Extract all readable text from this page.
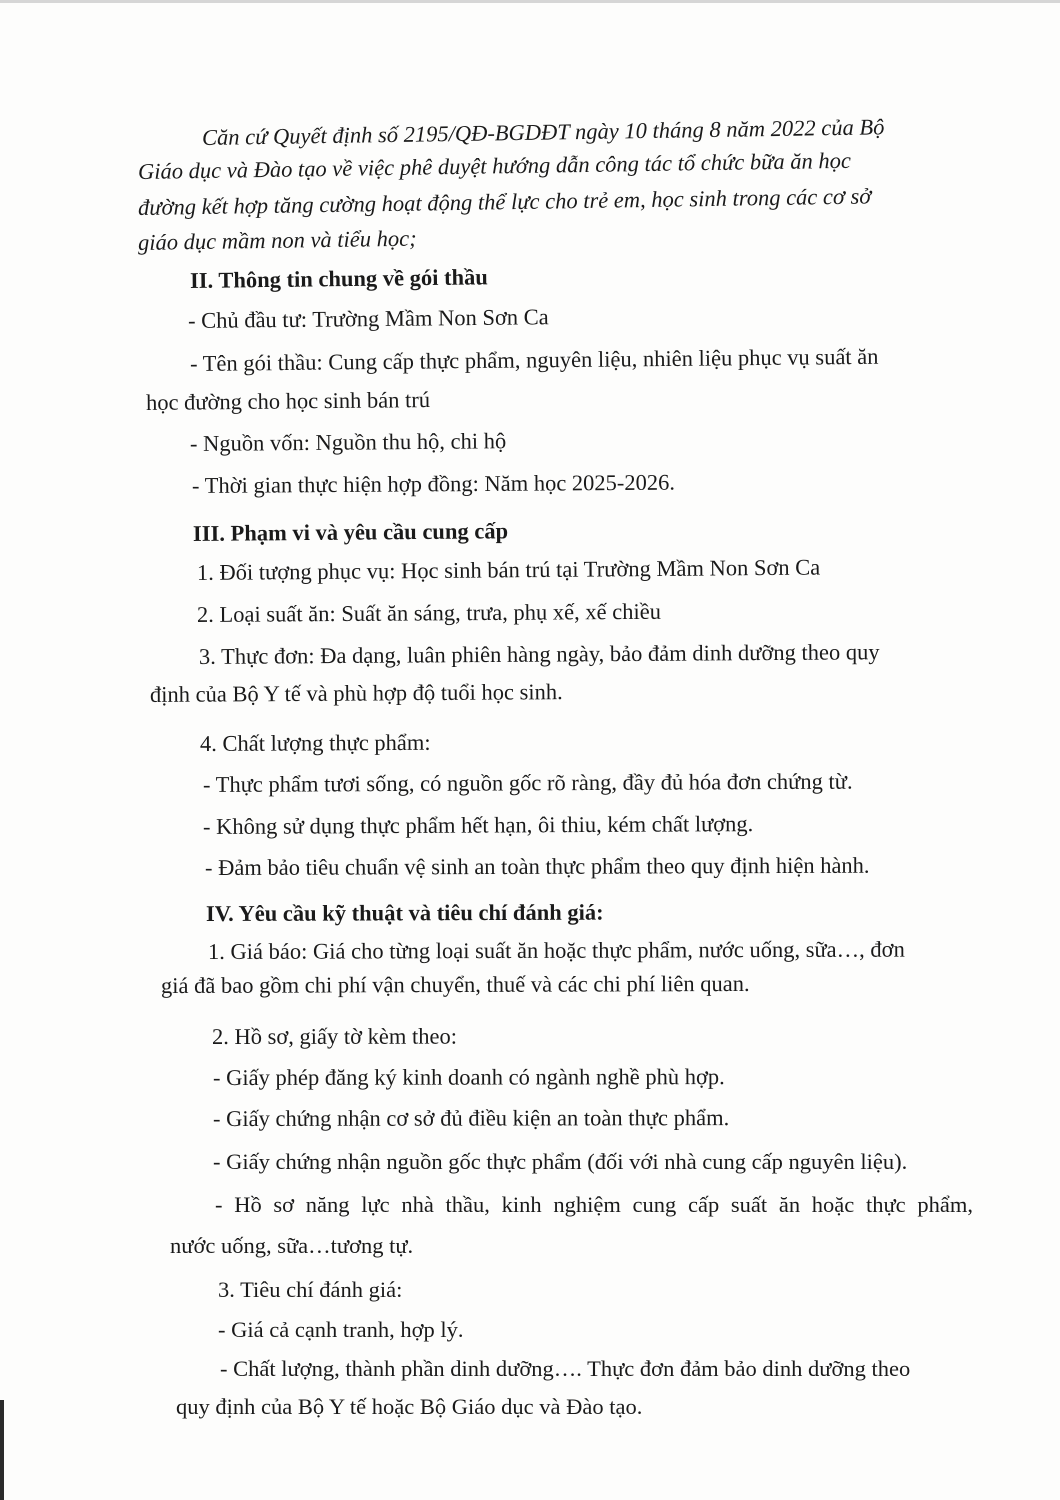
Căn cứ Quyết định số 2195/QĐ-BGDĐT ngày 10 tháng 8 năm 2022 của Bộ
Giáo dục và Đào tạo về việc phê duyệt hướng dẫn công tác tổ chức bữa ăn học
đường kết hợp tăng cường hoạt động thể lực cho trẻ em, học sinh trong các cơ sở
giáo dục mầm non và tiểu học;
II. Thông tin chung về gói thầu
- Chủ đầu tư: Trường Mầm Non Sơn Ca
- Tên gói thầu: Cung cấp thực phẩm, nguyên liệu, nhiên liệu phục vụ suất ăn
học đường cho học sinh bán trú
- Nguồn vốn: Nguồn thu hộ, chi hộ
- Thời gian thực hiện hợp đồng: Năm học 2025-2026.
III. Phạm vi và yêu cầu cung cấp
1. Đối tượng phục vụ: Học sinh bán trú tại Trường Mầm Non Sơn Ca
2. Loại suất ăn: Suất ăn sáng, trưa, phụ xế, xế chiều
3. Thực đơn: Đa dạng, luân phiên hàng ngày, bảo đảm dinh dưỡng theo quy
định của Bộ Y tế và phù hợp độ tuổi học sinh.
4. Chất lượng thực phẩm:
- Thực phẩm tươi sống, có nguồn gốc rõ ràng, đầy đủ hóa đơn chứng từ.
- Không sử dụng thực phẩm hết hạn, ôi thiu, kém chất lượng.
- Đảm bảo tiêu chuẩn vệ sinh an toàn thực phẩm theo quy định hiện hành.
IV. Yêu cầu kỹ thuật và tiêu chí đánh giá:
1. Giá báo: Giá cho từng loại suất ăn hoặc thực phẩm, nước uống, sữa…, đơn
giá đã bao gồm chi phí vận chuyển, thuế và các chi phí liên quan.
2. Hồ sơ, giấy tờ kèm theo:
- Giấy phép đăng ký kinh doanh có ngành nghề phù hợp.
- Giấy chứng nhận cơ sở đủ điều kiện an toàn thực phẩm.
- Giấy chứng nhận nguồn gốc thực phẩm (đối với nhà cung cấp nguyên liệu).
- Hồ sơ năng lực nhà thầu, kinh nghiệm cung cấp suất ăn hoặc thực phẩm,
nước uống, sữa…tương tự.
3. Tiêu chí đánh giá:
- Giá cả cạnh tranh, hợp lý.
- Chất lượng, thành phần dinh dưỡng…. Thực đơn đảm bảo dinh dưỡng theo
quy định của Bộ Y tế hoặc Bộ Giáo dục và Đào tạo.
